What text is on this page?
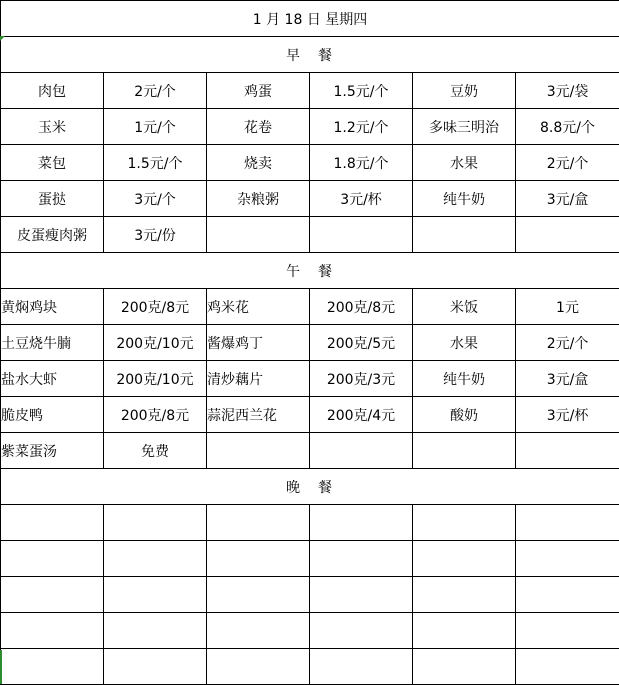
1 月 18 日 星期四					
早　餐					
肉包	2元/个	鸡蛋	1.5元/个	豆奶	3元/袋
玉米	1元/个	花卷	1.2元/个	多味三明治	8.8元/个
菜包	1.5元/个	烧卖	1.8元/个	水果	2元/个
蛋挞	3元/个	杂粮粥	3元/杯	纯牛奶	3元/盒
皮蛋瘦肉粥	3元/份				
午　餐					
黄焖鸡块	200克/8元	鸡米花	200克/8元	米饭	1元
土豆烧牛腩	200克/10元	酱爆鸡丁	200克/5元	水果	2元/个
盐水大虾	200克/10元	清炒藕片	200克/3元	纯牛奶	3元/盒
脆皮鸭	200克/8元	蒜泥西兰花	200克/4元	酸奶	3元/杯
紫菜蛋汤	免费				
晚　餐					
